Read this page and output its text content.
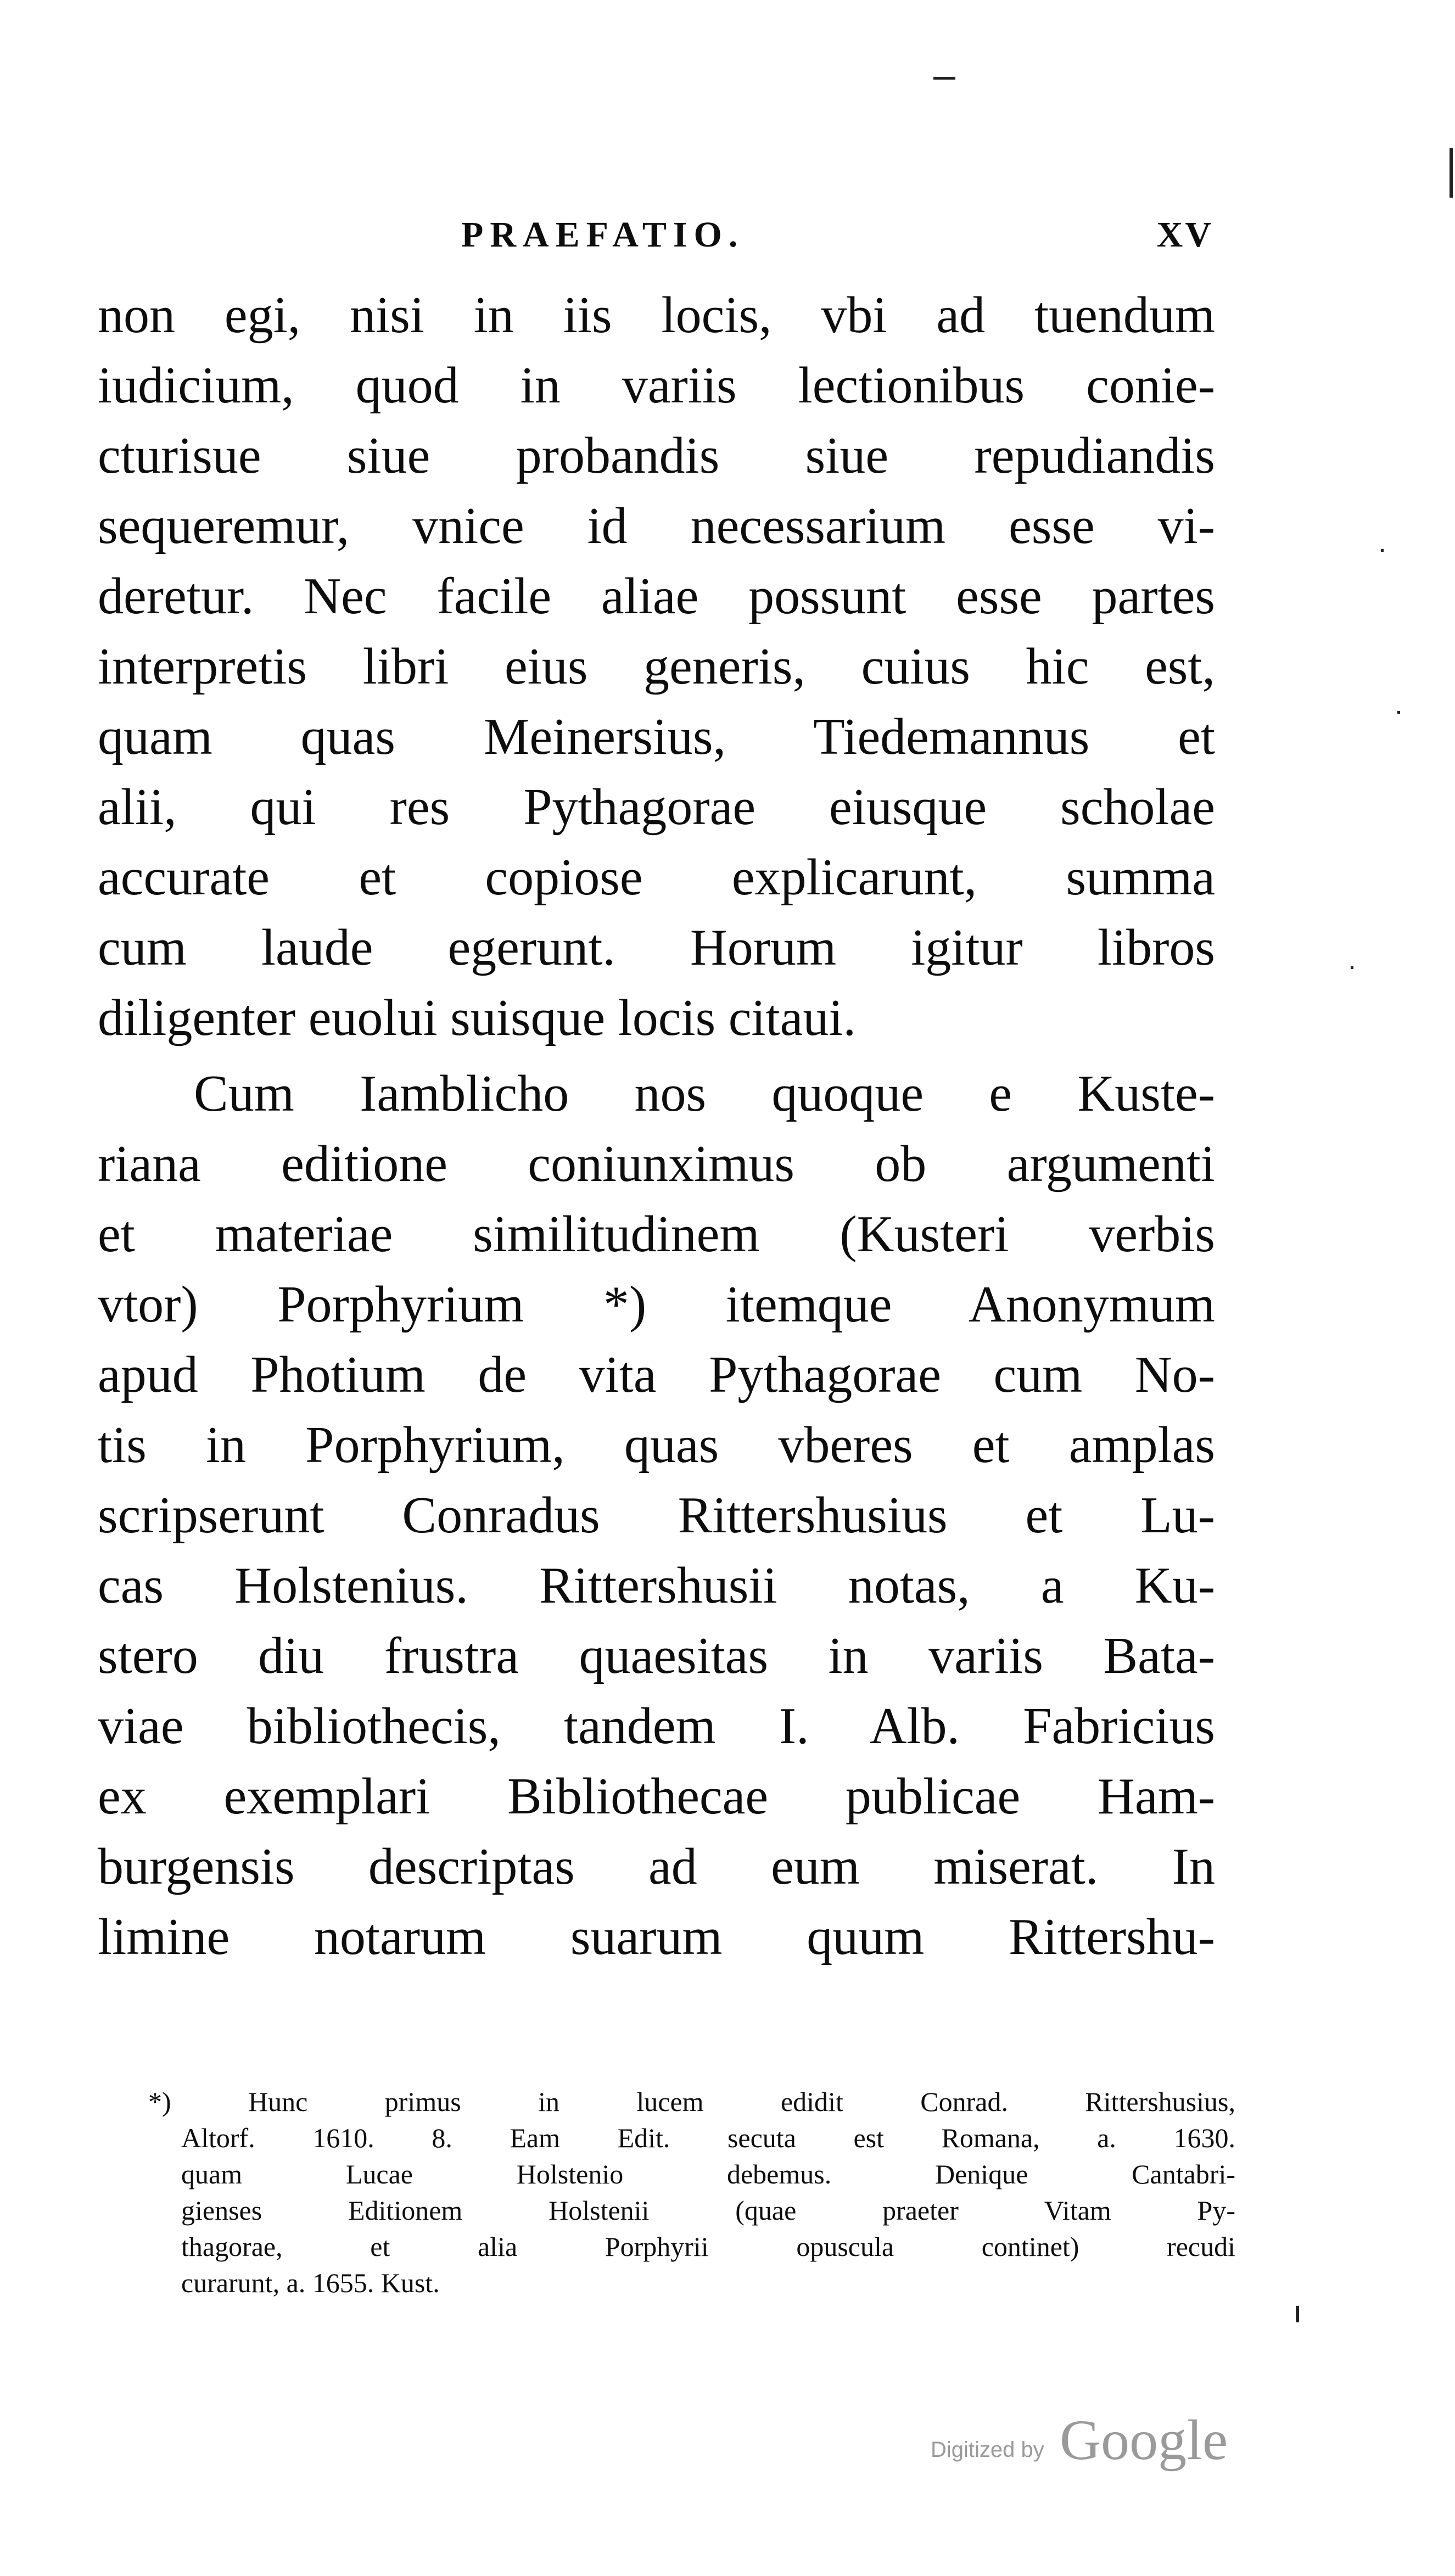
PRAEFATIO.	XV
non egi, nisi in iis locis, vbi ad tuendum
iudicium, quod in variis lectionibus conie-
cturisue siue probandis siue repudiandis
sequeremur, vnice id necessarium esse vi-
deretur. Nec facile aliae possunt esse partes
interpretis libri eius generis, cuius hic est,
quam quas Meinersius, Tiedemannus et
alii, qui res Pythagorae eiusque scholae
accurate et copiose explicarunt, summa
cum laude egerunt. Horum igitur libros
diligenter euolui suisque locis citaui.
Cum Iamblicho nos quoque e Kuste-
riana editione coniunximus ob argumenti
et materiae similitudinem (Kusteri verbis
vtor) Porphyrium *) itemque Anonymum
apud Photium de vita Pythagorae cum No-
tis in Porphyrium, quas vberes et amplas
scripserunt Conradus Rittershusius et Lu-
cas Holstenius. Rittershusii notas, a Ku-
stero diu frustra quaesitas in variis Bata-
viae bibliothecis, tandem I. Alb. Fabricius
ex exemplari Bibliothecae publicae Ham-
burgensis descriptas ad eum miserat. In
limine notarum suarum quum Rittershu-
*) Hunc primus in lucem edidit Conrad. Rittershusius,
Altorf. 1610. 8. Eam Edit. secuta est Romana, a. 1630.
quam Lucae Holstenio debemus. Denique Cantabri-
gienses Editionem Holstenii (quae praeter Vitam Py-
thagorae, et alia Porphyrii opuscula continet) recudi
curarunt, a. 1655. Kust.
Digitized by Google
